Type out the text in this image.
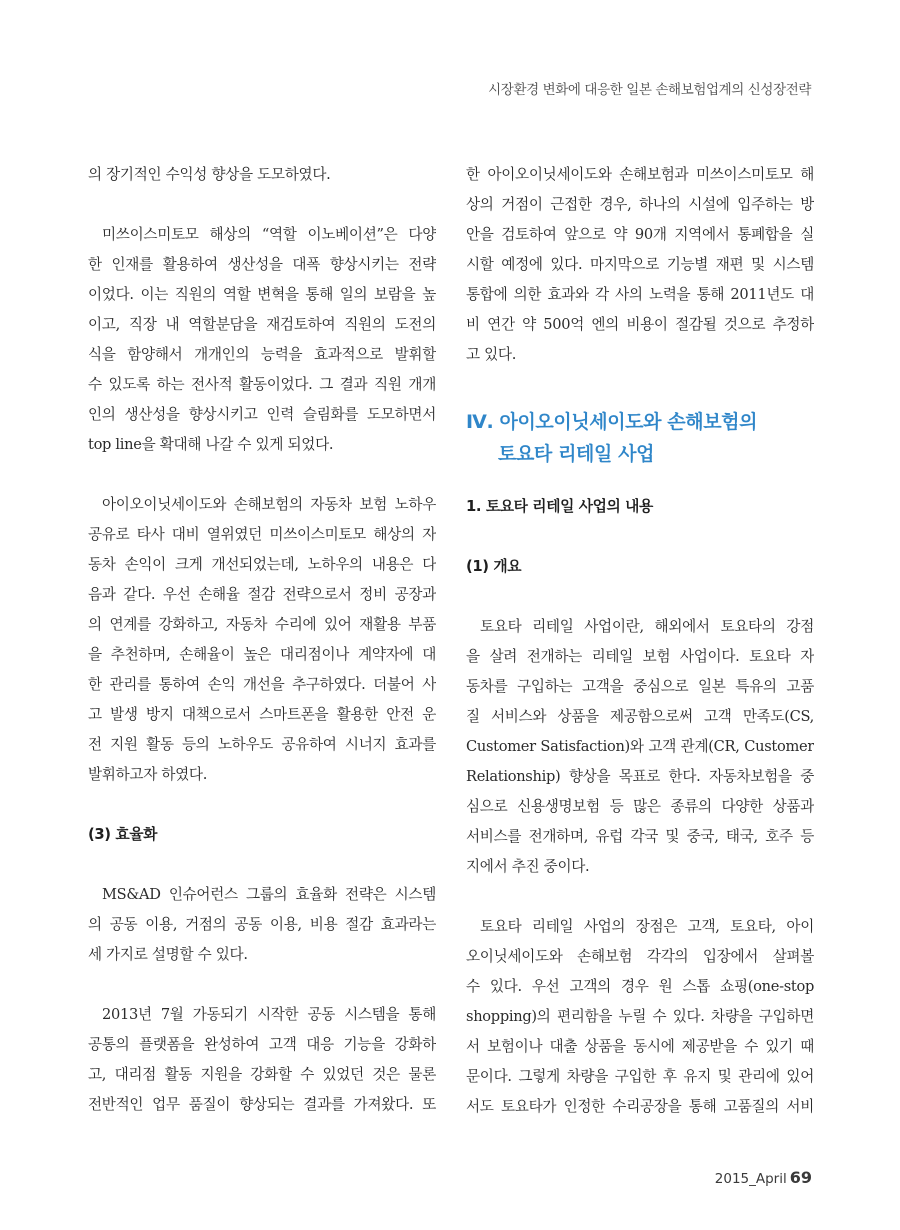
시장환경 변화에 대응한 일본 손해보험업계의 신성장전략
의 장기적인 수익성 향상을 도모하였다.
미쓰이스미토모 해상의 “역할 이노베이션”은 다양
한 인재를 활용하여 생산성을 대폭 향상시키는 전략
이었다. 이는 직원의 역할 변혁을 통해 일의 보람을 높
이고, 직장 내 역할분담을 재검토하여 직원의 도전의
식을 함양해서 개개인의 능력을 효과적으로 발휘할
수 있도록 하는 전사적 활동이었다. 그 결과 직원 개개
인의 생산성을 향상시키고 인력 슬림화를 도모하면서
top line을 확대해 나갈 수 있게 되었다.
아이오이닛세이도와 손해보험의 자동차 보험 노하우
공유로 타사 대비 열위였던 미쓰이스미토모 해상의 자
동차 손익이 크게 개선되었는데, 노하우의 내용은 다
음과 같다. 우선 손해율 절감 전략으로서 정비 공장과
의 연계를 강화하고, 자동차 수리에 있어 재활용 부품
을 추천하며, 손해율이 높은 대리점이나 계약자에 대
한 관리를 통하여 손익 개선을 추구하였다. 더불어 사
고 발생 방지 대책으로서 스마트폰을 활용한 안전 운
전 지원 활동 등의 노하우도 공유하여 시너지 효과를
발휘하고자 하였다.
(3) 효율화
MS&AD 인슈어런스 그룹의 효율화 전략은 시스템
의 공동 이용, 거점의 공동 이용, 비용 절감 효과라는
세 가지로 설명할 수 있다.
2013년 7월 가동되기 시작한 공동 시스템을 통해
공통의 플랫폼을 완성하여 고객 대응 기능을 강화하
고, 대리점 활동 지원을 강화할 수 있었던 것은 물론
전반적인 업무 품질이 향상되는 결과를 가져왔다. 또
한 아이오이닛세이도와 손해보험과 미쓰이스미토모 해
상의 거점이 근접한 경우, 하나의 시설에 입주하는 방
안을 검토하여 앞으로 약 90개 지역에서 통폐합을 실
시할 예정에 있다. 마지막으로 기능별 재편 및 시스템
통합에 의한 효과와 각 사의 노력을 통해 2011년도 대
비 연간 약 500억 엔의 비용이 절감될 것으로 추정하
고 있다.
Ⅳ. 아이오이닛세이도와 손해보험의
토요타 리테일 사업
1. 토요타 리테일 사업의 내용
(1) 개요
토요타 리테일 사업이란, 해외에서 토요타의 강점
을 살려 전개하는 리테일 보험 사업이다. 토요타 자
동차를 구입하는 고객을 중심으로 일본 특유의 고품
질 서비스와 상품을 제공함으로써 고객 만족도(CS,
Customer Satisfaction)와 고객 관계(CR, Customer
Relationship) 향상을 목표로 한다. 자동차보험을 중
심으로 신용생명보험 등 많은 종류의 다양한 상품과
서비스를 전개하며, 유럽 각국 및 중국, 태국, 호주 등
지에서 추진 중이다.
토요타 리테일 사업의 장점은 고객, 토요타, 아이
오이닛세이도와 손해보험 각각의 입장에서 살펴볼
수 있다. 우선 고객의 경우 원 스톱 쇼핑(one-stop
shopping)의 편리함을 누릴 수 있다. 차량을 구입하면
서 보험이나 대출 상품을 동시에 제공받을 수 있기 때
문이다. 그렇게 차량을 구입한 후 유지 및 관리에 있어
서도 토요타가 인정한 수리공장을 통해 고품질의 서비
2015_April 69
